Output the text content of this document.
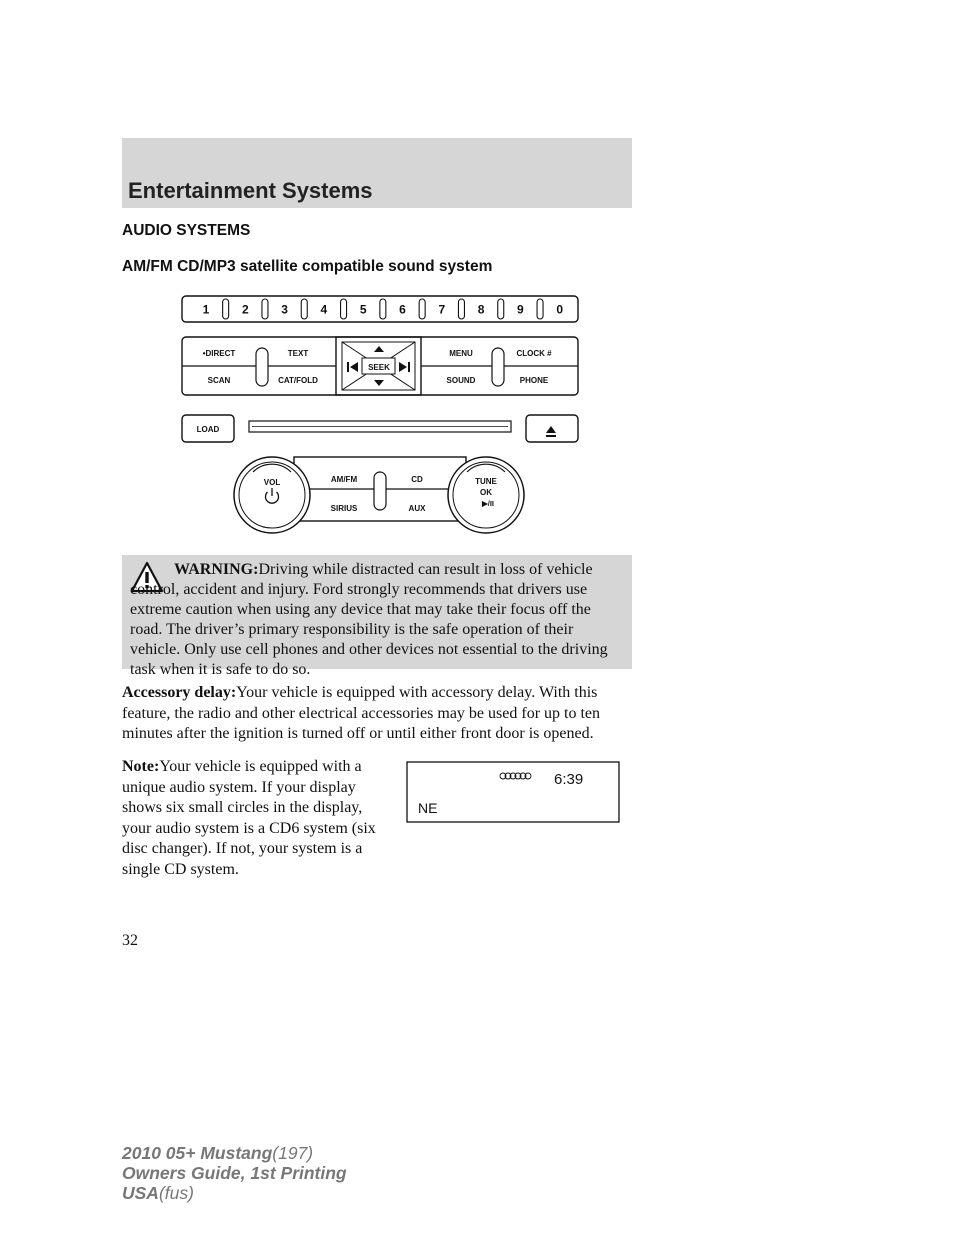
Entertainment Systems
AUDIO SYSTEMS
AM/FM CD/MP3 satellite compatible sound system
1	2	3	4	5	6	7	8	9	0
•DIRECT	TEXT
SCAN	CAT/FOLD
SEEK
MENU	CLOCK #
SOUND	PHONE
LOAD
AM/FM	CD
SIRIUS	AUX
VOL	TUNE
OK
▶/II

WARNING:Driving while distracted can result in loss of vehicle control, accident and injury. Ford strongly recommends that drivers use extreme caution when using any device that may take their focus off the road. The driver’s primary responsibility is the safe operation of their vehicle. Only use cell phones and other devices not essential to the driving task when it is safe to do so.

Accessory delay:Your vehicle is equipped with accessory delay. With this feature, the radio and other electrical accessories may be used for up to ten minutes after the ignition is turned off or until either front door is opened.

Note:Your vehicle is equipped with a unique audio system. If your display shows six small circles in the display, your audio system is a CD6 system (six disc changer). If not, your system is a single CD system.

6:39
NE

32

2010 05+ Mustang(197)
Owners Guide, 1st Printing
USA(fus)
